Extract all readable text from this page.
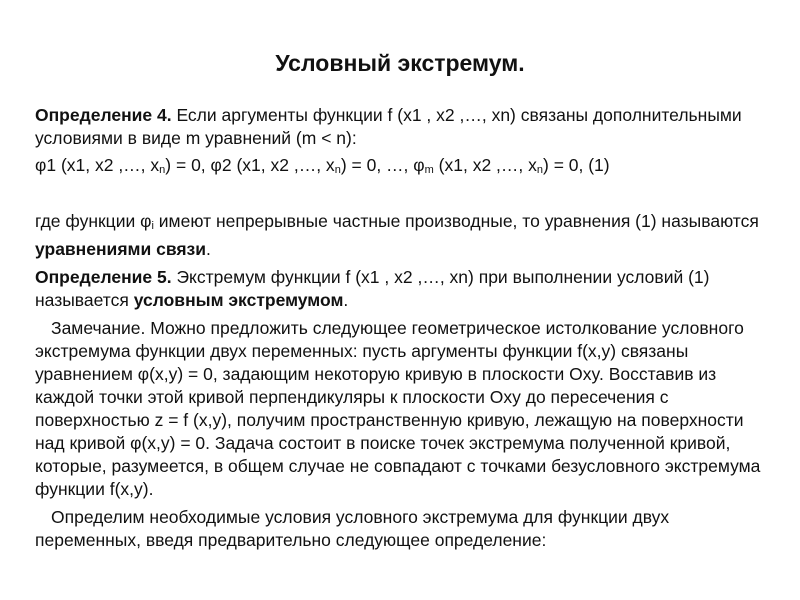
Условный экстремум.

Определение 4. Если аргументы функции f (x1 , x2 ,…, xn) связаны дополнительными условиями в виде m уравнений (m < n):

φ1 (x1, x2 ,…, xn) = 0, φ2 (x1, x2 ,…, xn) = 0, …, φm (x1, x2 ,…, xn) = 0, (1)

где функции φi имеют непрерывные частные производные, то уравнения (1) называются уравнениями связи.

Определение 5. Экстремум функции f (x1 , x2 ,…, xn) при выполнении условий (1) называется условным экстремумом.

Замечание. Можно предложить следующее геометрическое истолкование условного экстремума функции двух переменных: пусть аргументы функции f(x,y) связаны уравнением φ(x,y) = 0, задающим некоторую кривую в плоскости Oxy. Восставив из каждой точки этой кривой перпендикуляры к плоскости Oxy до пересечения с поверхностью z = f (x,y), получим пространственную кривую, лежащую на поверхности над кривой φ(x,y) = 0. Задача состоит в поиске точек экстремума полученной кривой, которые, разумеется, в общем случае не совпадают с точками безусловного экстремума функции f(x,y).

Определим необходимые условия условного экстремума для функции двух переменных, введя предварительно следующее определение:
